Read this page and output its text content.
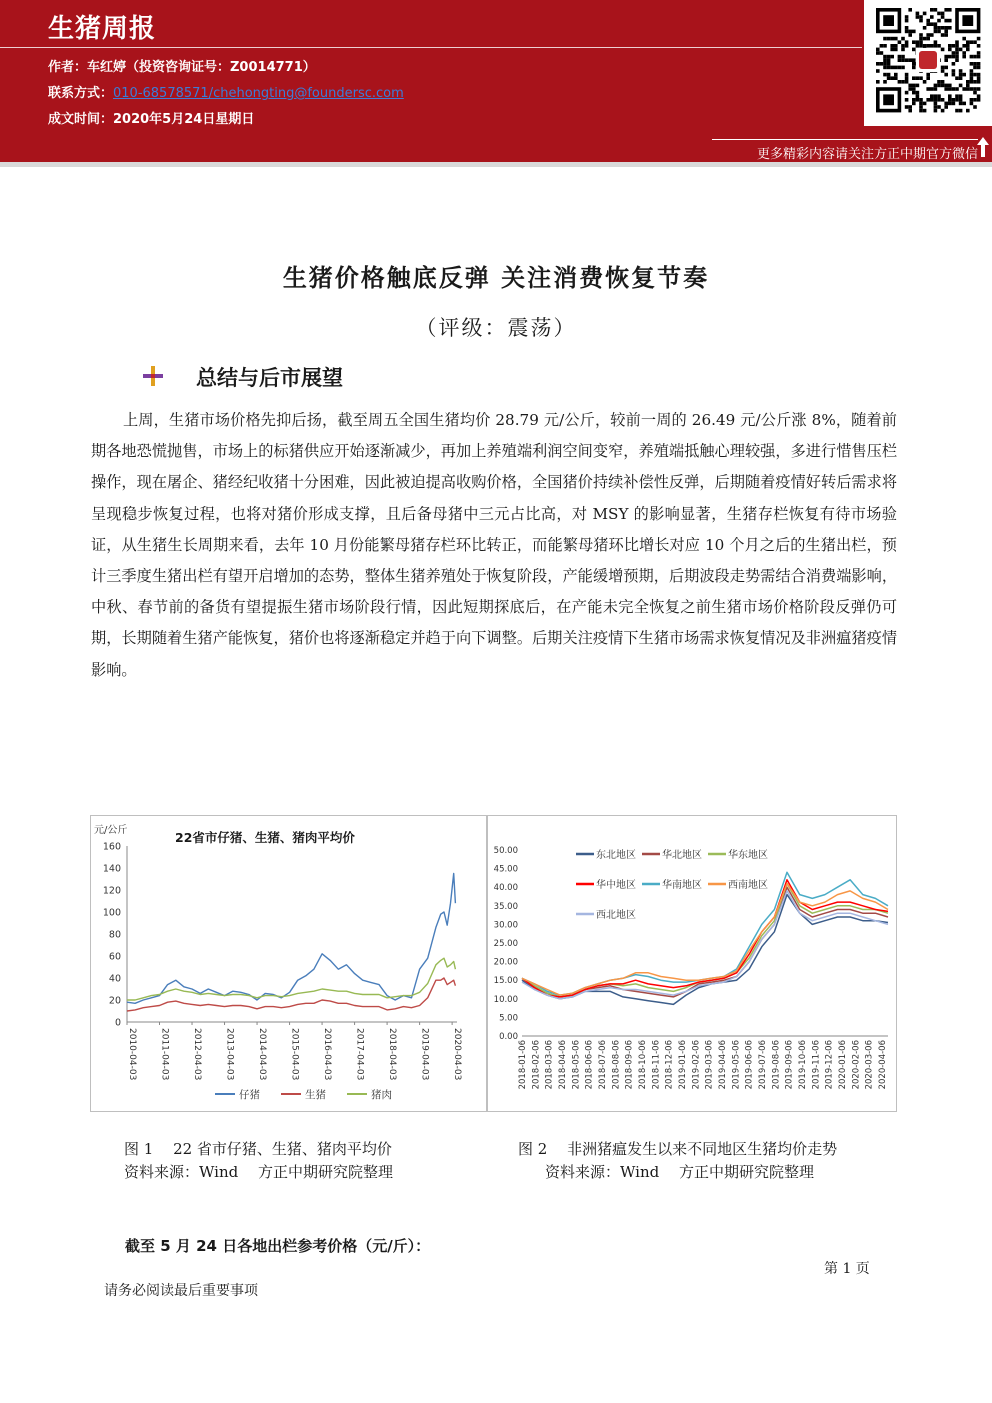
生猪周报
作者：车红婷（投资咨询证号：Z0014771）
联系方式：010-68578571/chehongting@foundersc.com
成文时间：2020年5月24日星期日
更多精彩内容请关注方正中期官方微信
生猪价格触底反弹 关注消费恢复节奏
（评级：震荡）
总结与后市展望
上周，生猪市场价格先抑后扬，截至周五全国生猪均价 28.79 元/公斤，较前一周的 26.49 元/公斤涨 8%，随着前期各地恐慌抛售，市场上的标猪供应开始逐渐减少，再加上养殖端利润空间变窄，养殖端抵触心理较强，多进行惜售压栏操作，现在屠企、猪经纪收猪十分困难，因此被迫提高收购价格，全国猪价持续补偿性反弹，后期随着疫情好转后需求将呈现稳步恢复过程，也将对猪价形成支撑，且后备母猪中三元占比高，对 MSY 的影响显著，生猪存栏恢复有待市场验证，从生猪生长周期来看，去年 10 月份能繁母猪存栏环比转正，而能繁母猪环比增长对应 10 个月之后的生猪出栏，预计三季度生猪出栏有望开启增加的态势，整体生猪养殖处于恢复阶段，产能缓增预期，后期波段走势需结合消费端影响，中秋、春节前的备货有望提振生猪市场阶段行情，因此短期探底后，在产能未完全恢复之前生猪市场价格阶段反弹仍可期，长期随着生猪产能恢复，猪价也将逐渐稳定并趋于向下调整。后期关注疫情下生猪市场需求恢复情况及非洲瘟猪疫情影响。
元/公斤	22省市仔猪、生猪、猪肉平均价
0
20
40
60
80
100
120
140
160
2010-04-03	2011-04-03	2012-04-03	2013-04-03	2014-04-03	2015-04-03	2016-04-03	2017-04-03	2018-04-03	2019-04-03	2020-04-03
仔猪	生猪	猪肉
0.00
5.00
10.00
15.00
20.00
25.00
30.00
35.00
40.00
45.00
50.00
2018-01-06 2018-02-06 2018-03-06 2018-04-06 2018-05-06 2018-06-06 2018-07-06 2018-08-06 2018-09-06 2018-10-06 2018-11-06 2018-12-06 2019-01-06 2019-02-06 2019-03-06 2019-04-06 2019-05-06 2019-06-06 2019-07-06 2019-08-06 2019-09-06 2019-10-06 2019-11-06 2019-12-06 2020-01-06 2020-02-06 2020-03-06 2020-04-06
东北地区	华北地区	华东地区
华中地区	华南地区	西南地区
西北地区
图 1　 22 省市仔猪、生猪、猪肉平均价
资料来源：Wind　 方正中期研究院整理
图 2　 非洲猪瘟发生以来不同地区生猪均价走势
资料来源：Wind　 方正中期研究院整理
截至 5 月 24 日各地出栏参考价格（元/斤）：
第 1 页
请务必阅读最后重要事项
